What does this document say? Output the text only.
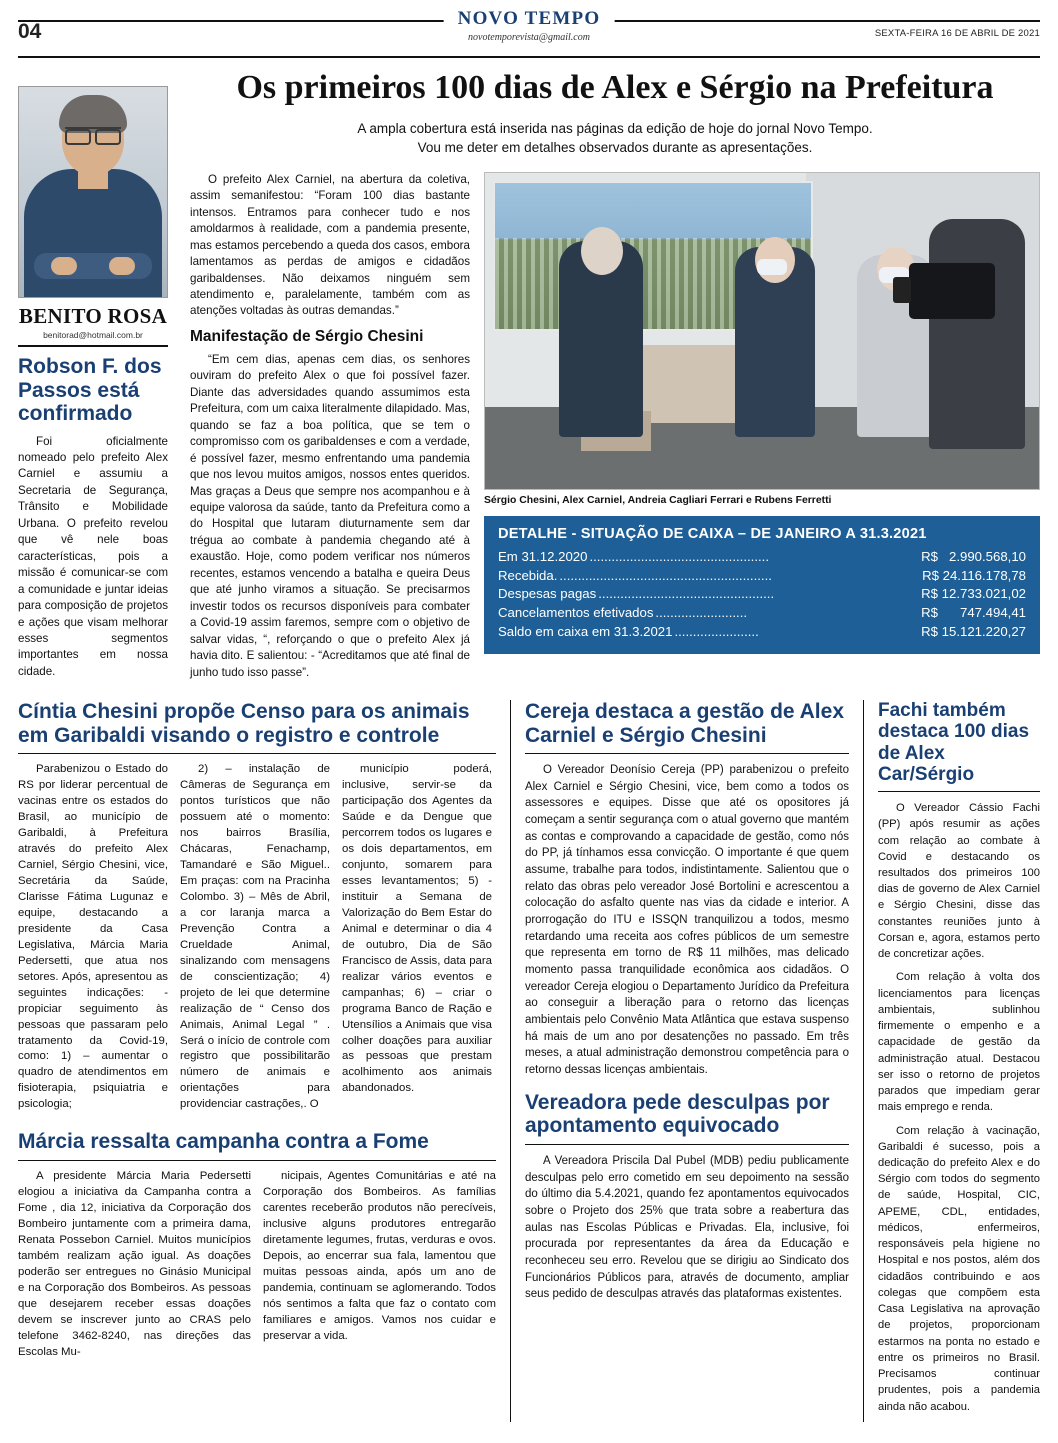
04
NOVO TEMPO
novotemporevista@gmail.com	SEXTA-FEIRA 16 DE ABRIL DE 2021
BENITO ROSA
benitorad@hotmail.com.br
Robson F. dos Passos está confirmado

Foi oficialmente nomeado pelo prefeito Alex Carniel e assumiu a Secretaria de Segurança, Trânsito e Mobilidade Urbana. O prefeito revelou que vê nele boas características, pois a missão é comunicar-se com a comunidade e juntar ideias para composição de projetos e ações que visam melhorar esses segmentos importantes em nossa cidade.

Os primeiros 100 dias de Alex e Sérgio na Prefeitura
A ampla cobertura está inserida nas páginas da edição de hoje do jornal Novo Tempo.
Vou me deter em detalhes observados durante as apresentações.

O prefeito Alex Carniel, na abertura da coletiva, assim semanifestou: “Foram 100 dias bastante intensos. Entramos para conhecer tudo e nos amoldarmos à realidade, com a pandemia presente, mas estamos percebendo a queda dos casos, embora lamentamos as perdas de amigos e cidadãos garibaldenses. Não deixamos ninguém sem atendimento e, paralelamente, também com as atenções voltadas às outras demandas.”

Manifestação de Sérgio Chesini

“Em cem dias, apenas cem dias, os senhores ouviram do prefeito Alex o que foi possível fazer. Diante das adversidades quando assumimos esta Prefeitura, com um caixa literalmente dilapidado. Mas, quando se faz a boa política, que se tem o compromisso com os garibaldenses e com a verdade, é possível fazer, mesmo enfrentando uma pandemia que nos levou muitos amigos, nossos entes queridos. Mas graças a Deus que sempre nos acompanhou e à equipe valorosa da saúde, tanto da Prefeitura como a do Hospital que lutaram diuturnamente sem dar trégua ao combate à pandemia chegando até à exaustão. Hoje, como podem verificar nos números recentes, estamos vencendo a batalha e queira Deus que até junho viramos a situação. Se precisarmos investir todos os recursos disponíveis para combater a Covid-19 assim faremos, sempre com o objetivo de salvar vidas, “, reforçando o que o prefeito Alex já havia dito. E salientou: - “Acreditamos que até final de junho tudo isso passe”.

Sérgio Chesini, Alex Carniel, Andreia Cagliari Ferrari e Rubens Ferretti
DETALHE - SITUAÇÃO DE CAIXA – DE JANEIRO A 31.3.2021
Em 31.12.2020 .................................................	R$   2.990.568,10
Recebida. ..........................................................	R$ 24.116.178,78
Despesas pagas ................................................	R$ 12.733.021,02
Cancelamentos efetivados .........................	R$      747.494,41
Saldo em caixa em 31.3.2021 .......................	R$ 15.121.220,27
Cíntia Chesini propõe Censo para os animais em Garibaldi visando o registro e controle

Parabenizou o Estado do RS por liderar percentual de vacinas entre os estados do Brasil, ao município de Garibaldi, à Prefeitura através do prefeito Alex Carniel, Sérgio Chesini, vice, Secretária da Saúde, Clarisse Fátima Lugunaz e equipe, destacando a presidente da Casa Legislativa, Márcia Maria Pedersetti, que atua nos setores. Após, apresentou as seguintes indicações: - propiciar seguimento às pessoas que passaram pelo tratamento da Covid-19, como: 1) – aumentar o quadro de atendimentos em fisioterapia, psiquiatria e psicologia;

2) – instalação de Câmeras de Segurança em pontos turísticos que não possuem até o momento: nos bairros Brasília, Chácaras, Fenachamp, Tamandaré e São Miguel.. Em praças: com na Pracinha Colombo. 3) – Mês de Abril, a cor laranja marca a Prevenção Contra a Crueldade Animal, sinalizando com mensagens de conscientização; 4) projeto de lei que determine realização de “ Censo dos Animais, Animal Legal ” . Será o início de controle com registro que possibilitarão número de animais e orientações para providenciar castrações,. O

município poderá, inclusive, servir-se da participação dos Agentes da Saúde e da Dengue que percorrem todos os lugares e os dois departamentos, em conjunto, somarem para esses levantamentos; 5) - instituir a Semana de Valorização do Bem Estar do Animal e determinar o dia 4 de outubro, Dia de São Francisco de Assis, data para realizar vários eventos e campanhas; 6) – criar o programa Banco de Ração e Utensílios a Animais que visa colher doações para auxiliar as pessoas que prestam acolhimento aos animais abandonados.

Márcia ressalta campanha contra a Fome

A presidente Márcia Maria Pedersetti elogiou a iniciativa da Campanha contra a Fome , dia 12, iniciativa da Corporação dos Bombeiro juntamente com a primeira dama, Renata Possebon Carniel. Muitos municípios também realizam ação igual. As doações poderão ser entregues no Ginásio Municipal e na Corporação dos Bombeiros. As pessoas que desejarem receber essas doações devem se inscrever junto ao CRAS pelo telefone 3462-8240, nas direções das Escolas Mu-

nicipais, Agentes Comunitárias e até na Corporação dos Bombeiros. As famílias carentes receberão produtos não perecíveis, inclusive alguns produtores entregarão diretamente legumes, frutas, verduras e ovos. Depois, ao encerrar sua fala, lamentou que muitas pessoas ainda, após um ano de pandemia, continuam se aglomerando. Todos nós sentimos a falta que faz o contato com familiares e amigos. Vamos nos cuidar e preservar a vida.

Cereja destaca a gestão de Alex Carniel e Sérgio Chesini

O Vereador Deonísio Cereja (PP) parabenizou o prefeito Alex Carniel e Sérgio Chesini, vice, bem como a todos os assessores e equipes. Disse que até os opositores já começam a sentir segurança com o atual governo que mantém as contas e comprovando a capacidade de gestão, como nós do PP, já tínhamos essa convicção. O importante é que quem assume, trabalhe para todos, indistintamente. Salientou que o relato das obras pelo vereador José Bortolini e acrescentou a colocação do asfalto quente nas vias da cidade e interior. A prorrogação do ITU e ISSQN tranquilizou a todos, mesmo retardando uma receita aos cofres públicos de um semestre que representa em torno de R$ 11 milhões, mas delicado momento passa tranquilidade econômica aos cidadãos. O vereador Cereja elogiou o Departamento Jurídico da Prefeitura ao conseguir a liberação para o retorno das licenças ambientais pelo Convênio Mata Atlântica que estava suspenso há mais de um ano por desatenções no passado. Em três meses, a atual administração demonstrou competência para o retorno dessas licenças ambientais.

Vereadora pede desculpas por apontamento equivocado

A Vereadora Priscila Dal Pubel (MDB) pediu publicamente desculpas pelo erro cometido em seu depoimento na sessão do último dia 5.4.2021, quando fez apontamentos equivocados sobre o Projeto dos 25% que trata sobre a reabertura das aulas nas Escolas Públicas e Privadas. Ela, inclusive, foi procurada por representantes da área da Educação e reconheceu seu erro. Revelou que se dirigiu ao Sindicato dos Funcionários Públicos para, através de documento, ampliar seus pedido de desculpas através das plataformas existentes.

Fachi também destaca 100 dias de Alex Car/Sérgio

O Vereador Cássio Fachi (PP) após resumir as ações com relação ao combate à Covid e destacando os resultados dos primeiros 100 dias de governo de Alex Carniel e Sérgio Chesini, disse das constantes reuniões junto à Corsan e, agora, estamos perto de concretizar ações.

Com relação à volta dos licenciamentos para licenças ambientais, sublinhou firmemente o empenho e a capacidade de gestão da administração atual. Destacou ser isso o retorno de projetos parados que impediam gerar mais emprego e renda.

Com relação à vacinação, Garibaldi é sucesso, pois a dedicação do prefeito Alex e do Sérgio com todos do segmento de saúde, Hospital, CIC, APEME, CDL, entidades, médicos, enfermeiros, responsáveis pela higiene no Hospital e nos postos, além dos cidadãos contribuindo e aos colegas que compõem esta Casa Legislativa na aprovação de projetos, proporcionam estarmos na ponta no estado e entre os primeiros no Brasil. Precisamos continuar prudentes, pois a pandemia ainda não acabou.
